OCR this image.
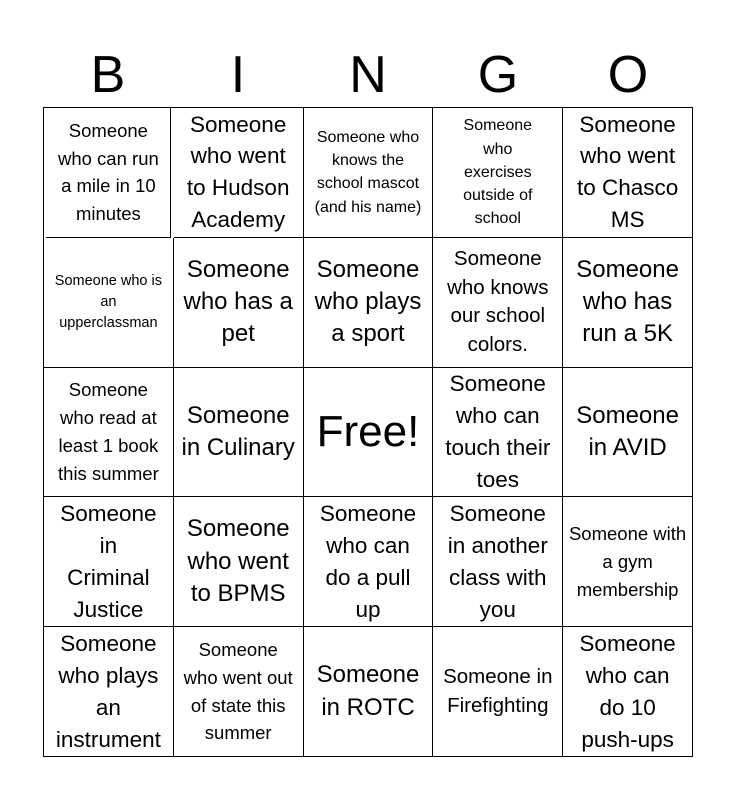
B	I	N	G	O
Someone who can run a mile in 10 minutes
Someone who went to Hudson Academy
Someone who knows the school mascot (and his name)
Someone who exercises outside of school
Someone who went to Chasco MS
Someone who is an upperclassman
Someone who has a pet
Someone who plays a sport
Someone who knows our school colors.
Someone who has run a 5K
Someone who read at least 1 book this summer
Someone in Culinary Free!
Someone who can touch their toes
Someone in AVID
Someone in Criminal Justice
Someone who went to BPMS
Someone who can do a pull up
Someone in another class with you
Someone with a gym membership
Someone who plays an instrument
Someone who went out of state this summer
Someone in ROTC
Someone in Firefighting
Someone who can do 10 push-ups
